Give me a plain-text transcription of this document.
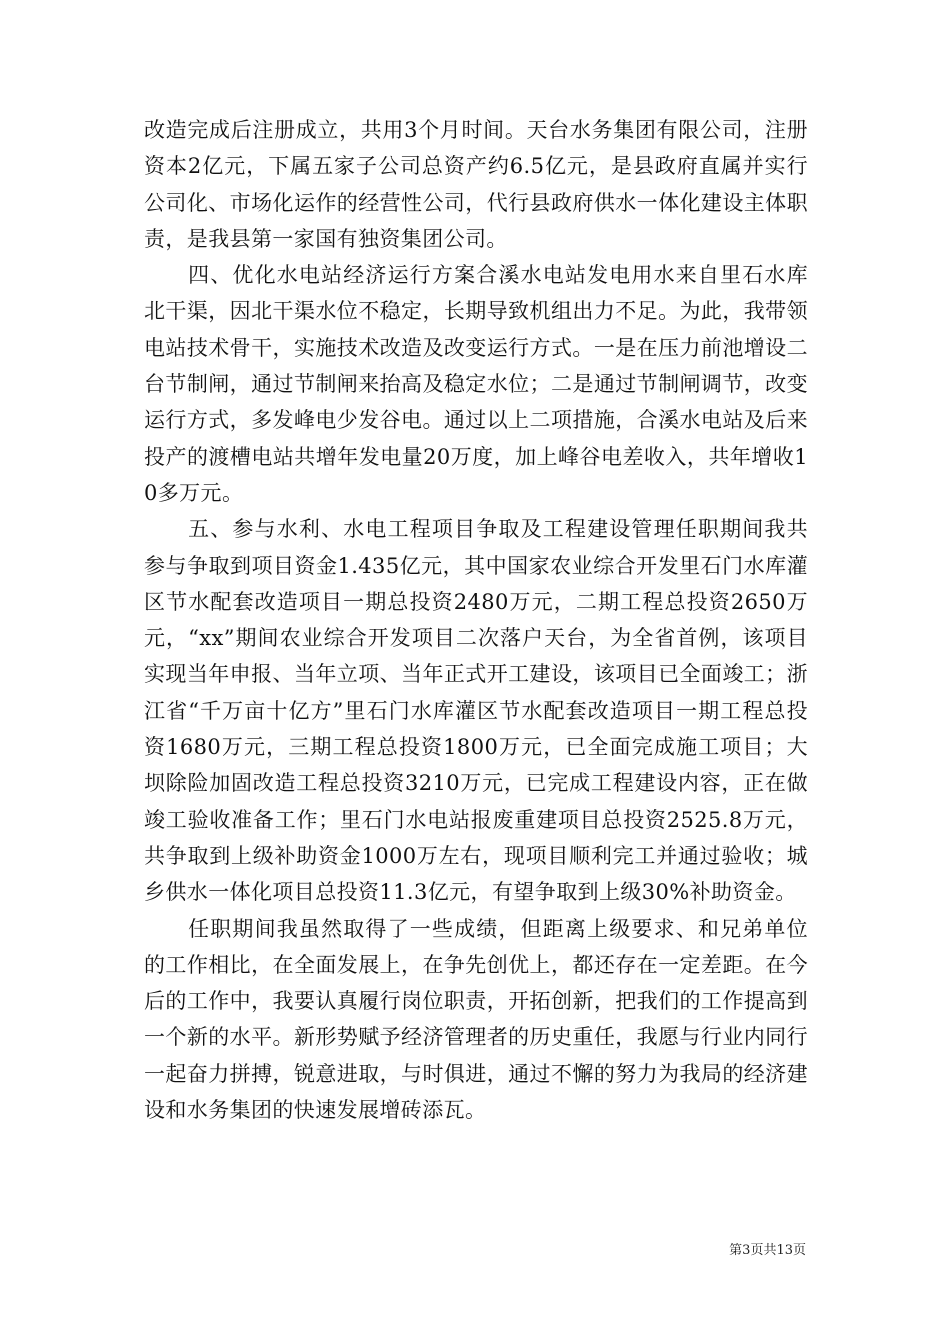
改造完成后注册成立，共用3个月时间。天台水务集团有限公司，注册资本2亿元，下属五家子公司总资产约6.5亿元，是县政府直属并实行公司化、市场化运作的经营性公司，代行县政府供水一体化建设主体职责，是我县第一家国有独资集团公司。

四、优化水电站经济运行方案合溪水电站发电用水来自里石水库北干渠，因北干渠水位不稳定，长期导致机组出力不足。为此，我带领电站技术骨干，实施技术改造及改变运行方式。一是在压力前池增设二台节制闸，通过节制闸来抬高及稳定水位；二是通过节制闸调节，改变运行方式，多发峰电少发谷电。通过以上二项措施，合溪水电站及后来投产的渡槽电站共增年发电量20万度，加上峰谷电差收入，共年增收10多万元。

五、参与水利、水电工程项目争取及工程建设管理任职期间我共参与争取到项目资金1.435亿元，其中国家农业综合开发里石门水库灌区节水配套改造项目一期总投资2480万元，二期工程总投资2650万元，“xx”期间农业综合开发项目二次落户天台，为全省首例，该项目实现当年申报、当年立项、当年正式开工建设，该项目已全面竣工；浙江省“千万亩十亿方”里石门水库灌区节水配套改造项目一期工程总投资1680万元，三期工程总投资1800万元，已全面完成施工项目；大坝除险加固改造工程总投资3210万元，已完成工程建设内容，正在做竣工验收准备工作；里石门水电站报废重建项目总投资2525.8万元，共争取到上级补助资金1000万左右，现项目顺利完工并通过验收；城乡供水一体化项目总投资11.3亿元，有望争取到上级30%补助资金。

任职期间我虽然取得了一些成绩，但距离上级要求、和兄弟单位的工作相比，在全面发展上，在争先创优上，都还存在一定差距。在今后的工作中，我要认真履行岗位职责，开拓创新，把我们的工作提高到一个新的水平。新形势赋予经济管理者的历史重任，我愿与行业内同行一起奋力拼搏，锐意进取，与时俱进，通过不懈的努力为我局的经济建设和水务集团的快速发展增砖添瓦。

第3页共13页
